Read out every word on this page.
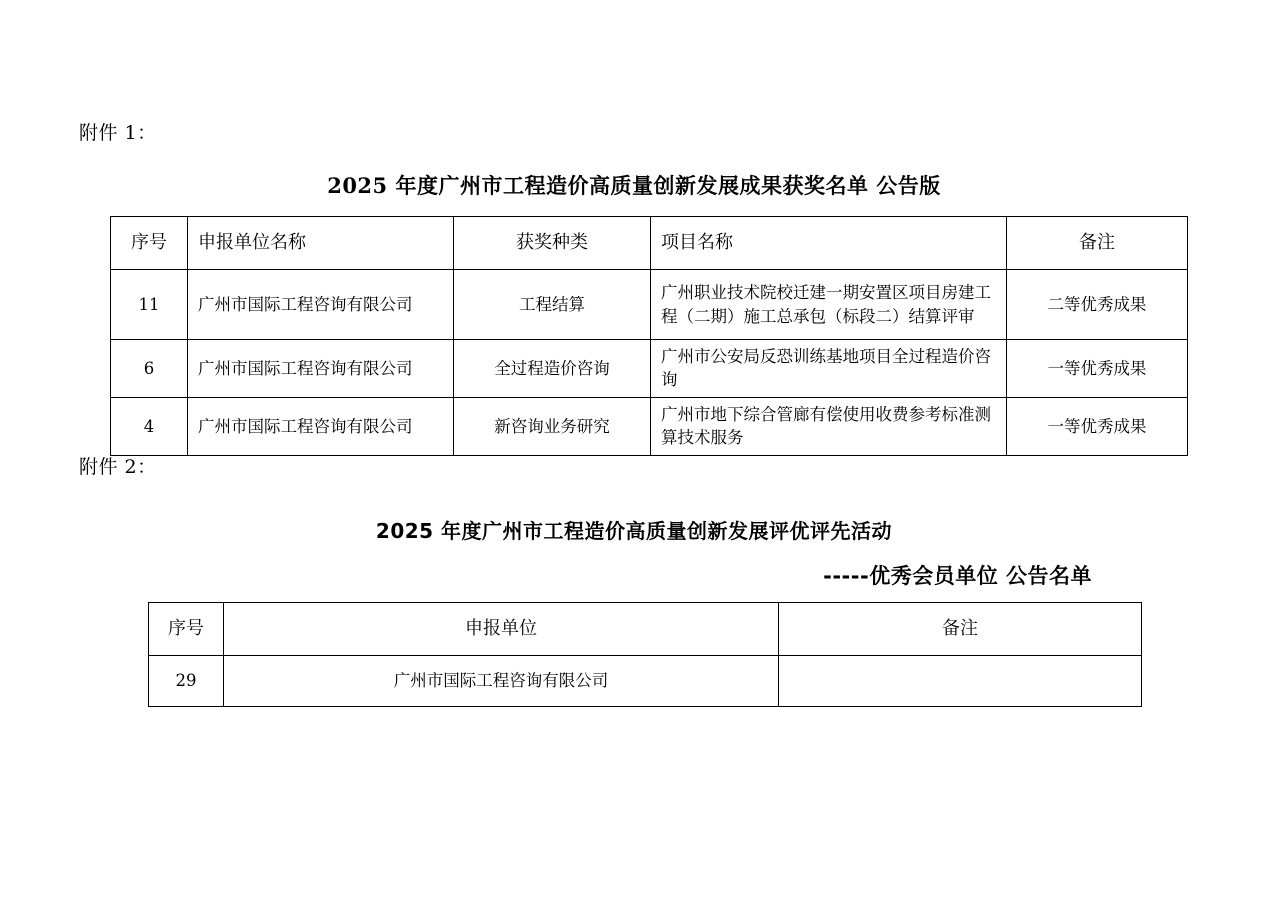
附件 1：
2025 年度广州市工程造价高质量创新发展成果获奖名单 公告版
序号	申报单位名称	获奖种类	项目名称	备注
11	广州市国际工程咨询有限公司	工程结算	广州职业技术院校迁建一期安置区项目房建工程（二期）施工总承包（标段二）结算评审	二等优秀成果
6	广州市国际工程咨询有限公司	全过程造价咨询	广州市公安局反恐训练基地项目全过程造价咨询	一等优秀成果
4	广州市国际工程咨询有限公司	新咨询业务研究	广州市地下综合管廊有偿使用收费参考标准测算技术服务	一等优秀成果
附件 2：
2025 年度广州市工程造价高质量创新发展评优评先活动
-----优秀会员单位 公告名单
序号	申报单位	备注
29	广州市国际工程咨询有限公司	
